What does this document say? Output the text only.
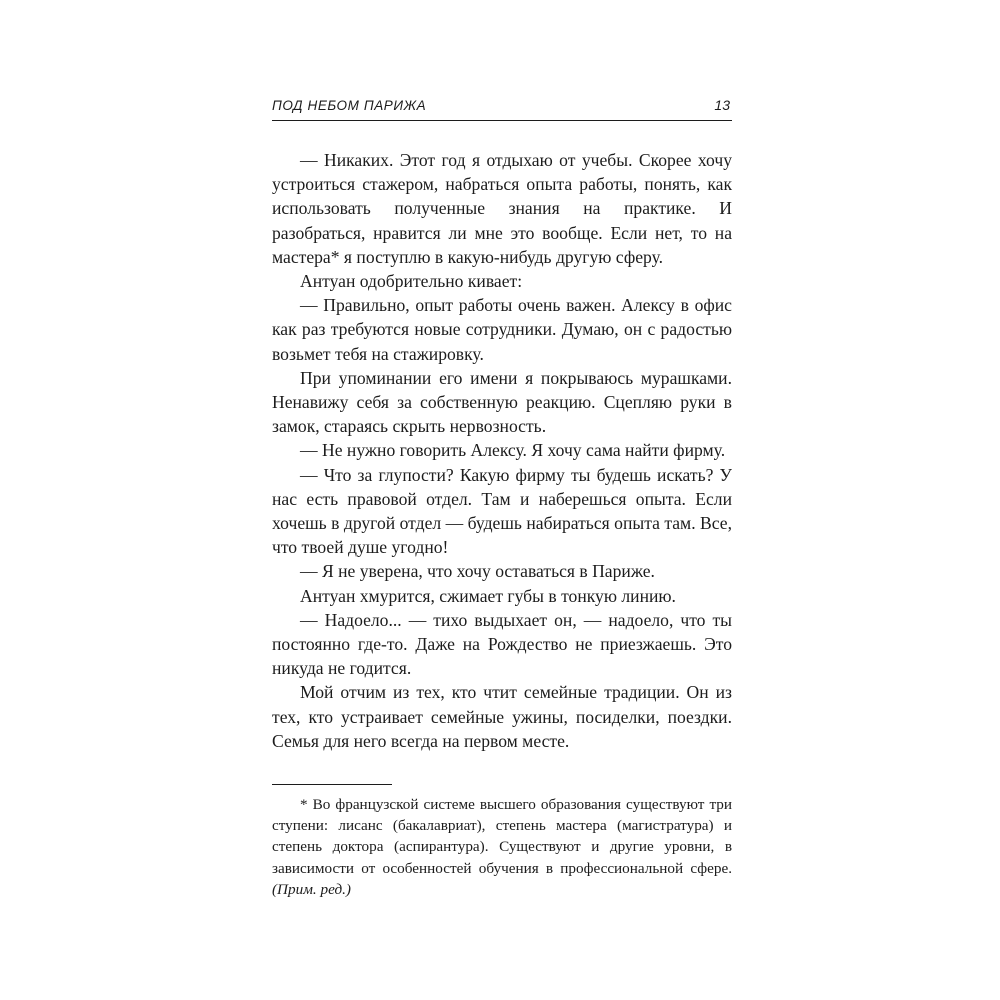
ПОД НЕБОМ ПАРИЖА	13

— Никаких. Этот год я отдыхаю от учебы. Скорее хочу устроиться стажером, набраться опыта работы, понять, как использовать полученные знания на практике. И разобраться, нравится ли мне это вообще. Если нет, то на мастера* я поступлю в какую-нибудь другую сферу.

Антуан одобрительно кивает:

— Правильно, опыт работы очень важен. Алексу в офис как раз требуются новые сотрудники. Думаю, он с радостью возьмет тебя на стажировку.

При упоминании его имени я покрываюсь мурашками. Ненавижу себя за собственную реакцию. Сцепляю руки в замок, стараясь скрыть нервозность.

— Не нужно говорить Алексу. Я хочу сама найти фирму.

— Что за глупости? Какую фирму ты будешь искать? У нас есть правовой отдел. Там и наберешься опыта. Если хочешь в другой отдел — будешь набираться опыта там. Все, что твоей душе угодно!

— Я не уверена, что хочу оставаться в Париже.

Антуан хмурится, сжимает губы в тонкую линию.

— Надоело... — тихо выдыхает он, — надоело, что ты постоянно где-то. Даже на Рождество не приезжаешь. Это никуда не годится.

Мой отчим из тех, кто чтит семейные традиции. Он из тех, кто устраивает семейные ужины, посиделки, поездки. Семья для него всегда на первом месте.

* Во французской системе высшего образования существуют три ступени: лисанс (бакалавриат), степень мастера (магистратура) и степень доктора (аспирантура). Существуют и другие уровни, в зависимости от особенностей обучения в профессиональной сфере. (Прим. ред.)
